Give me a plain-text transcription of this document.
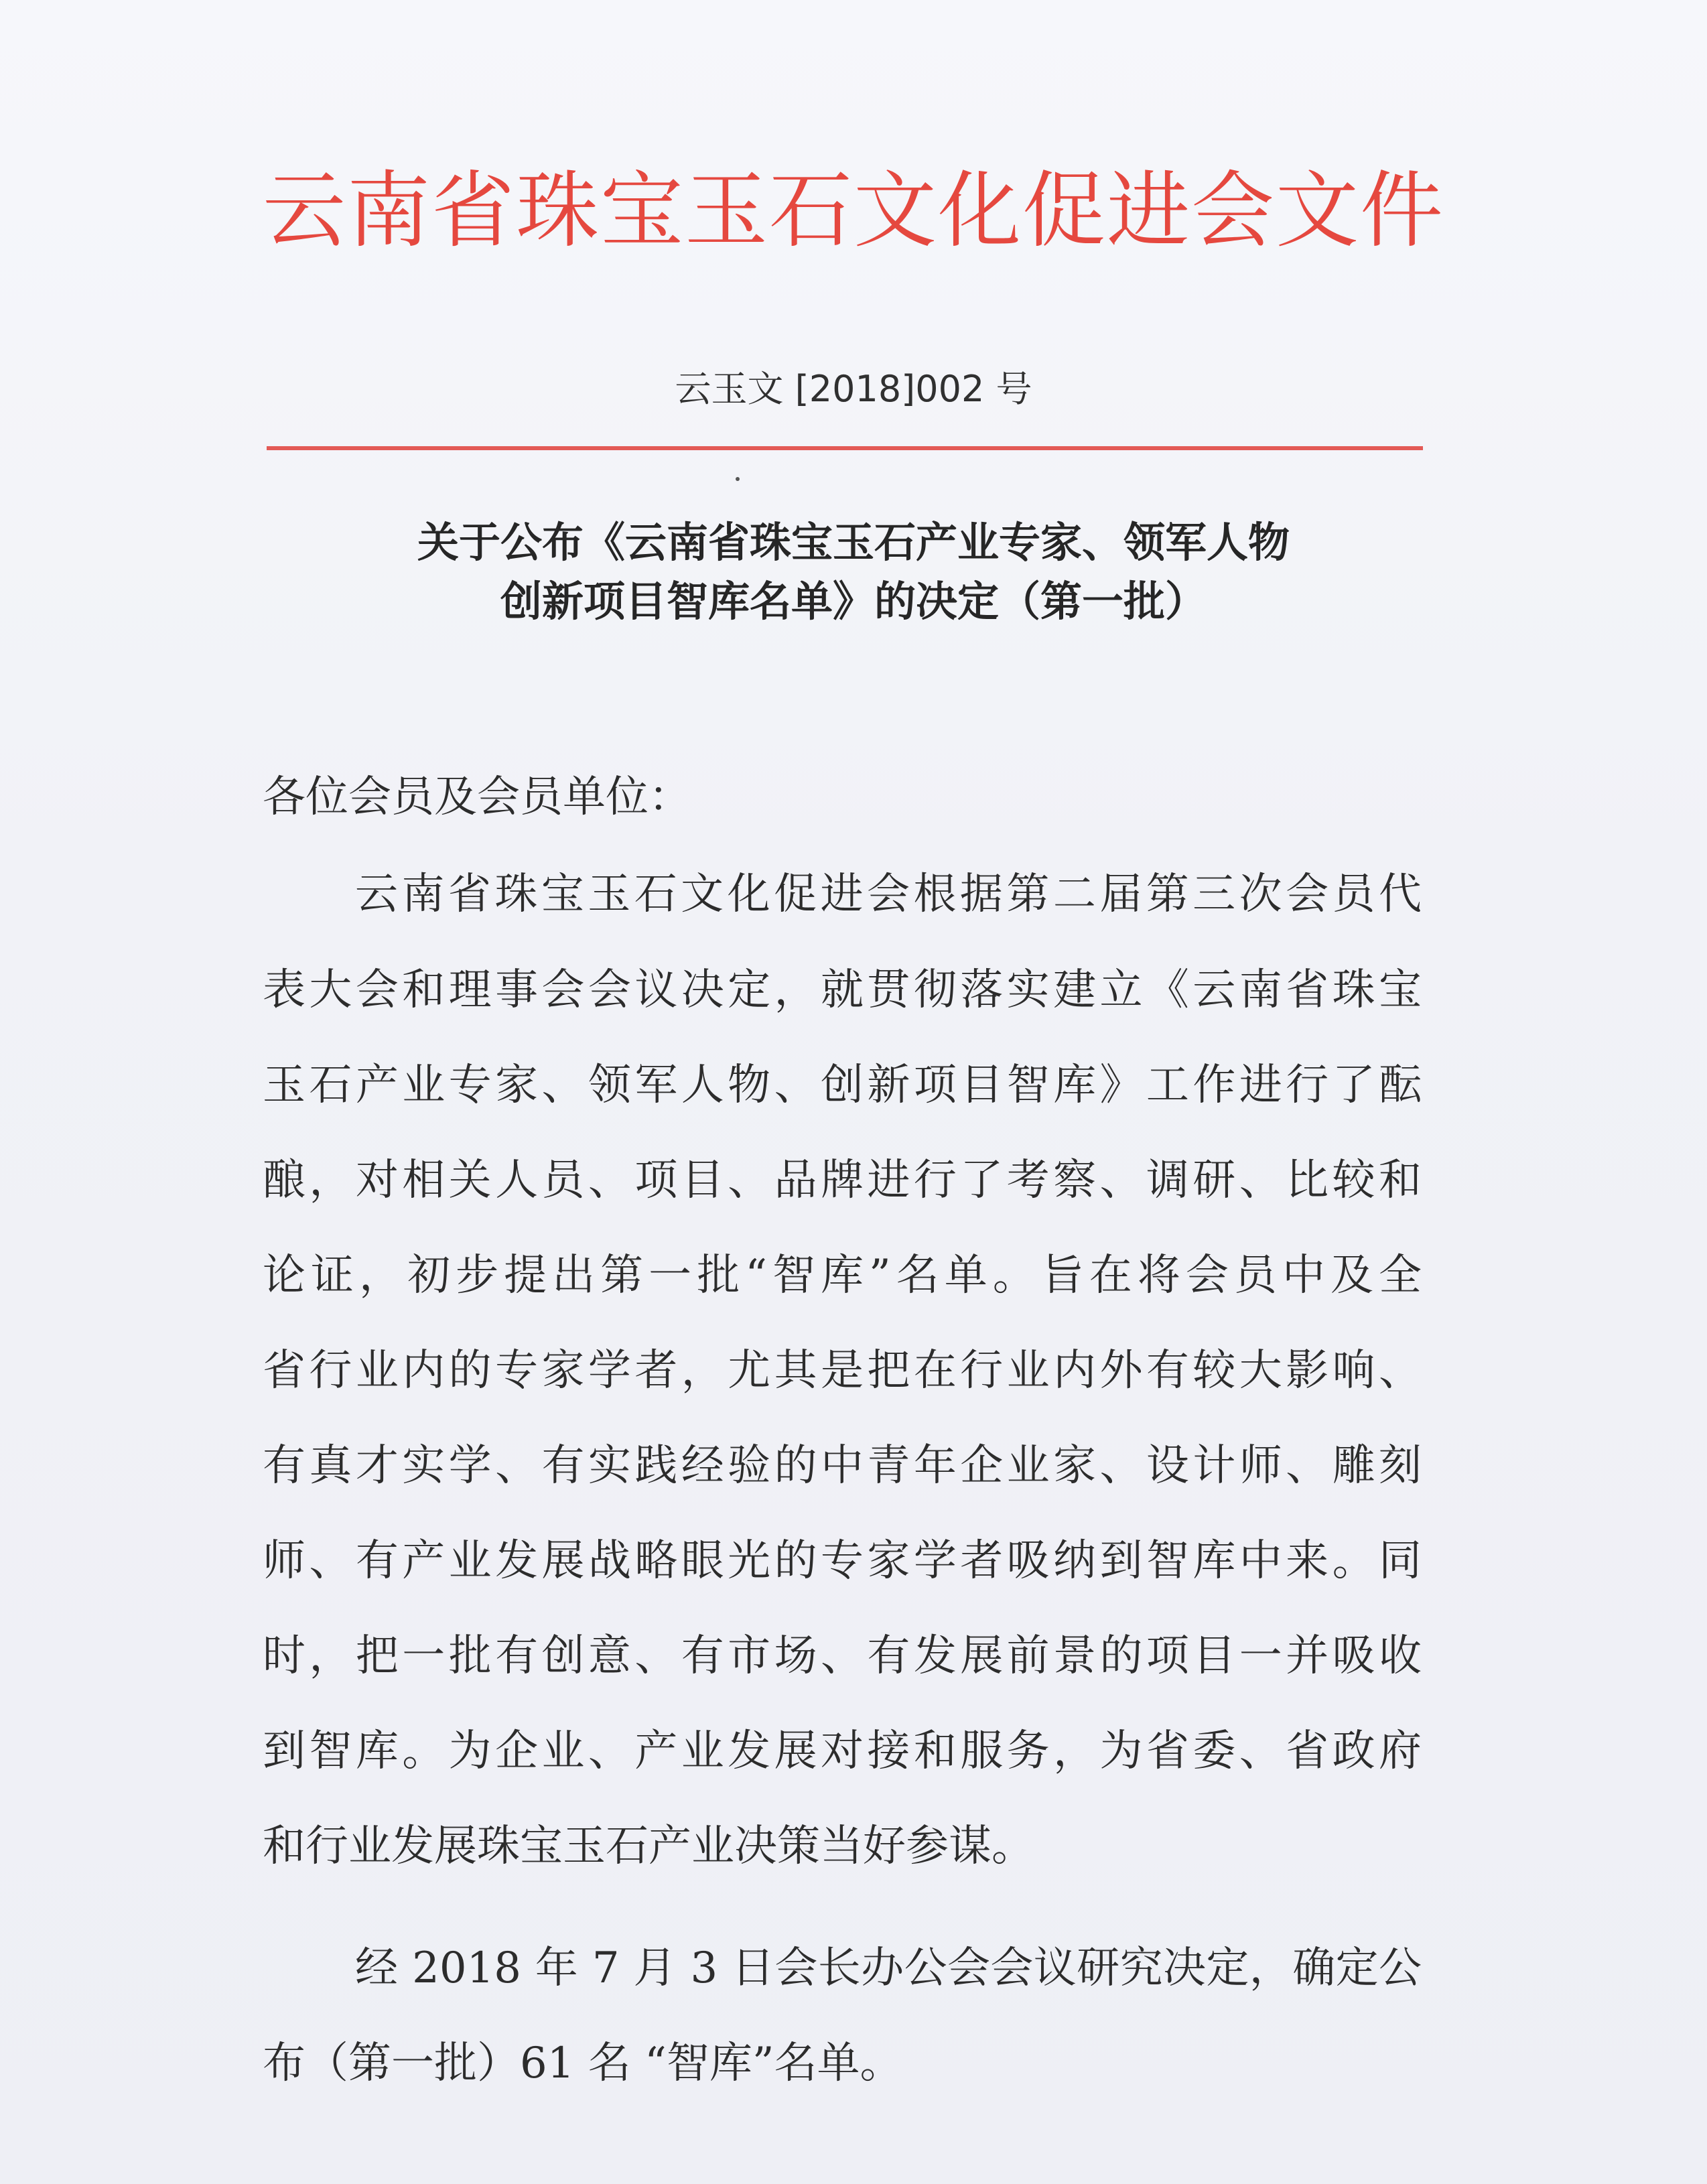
云南省珠宝玉石文化促进会文件
云玉文 [2018]002 号
关于公布《云南省珠宝玉石产业专家、领军人物
创新项目智库名单》的决定（第一批）
各位会员及会员单位：
云南省珠宝玉石文化促进会根据第二届第三次会员代
表大会和理事会会议决定，就贯彻落实建立《云南省珠宝
玉石产业专家、领军人物、创新项目智库》工作进行了酝
酿，对相关人员、项目、品牌进行了考察、调研、比较和
论证，初步提出第一批“智库”名单。旨在将会员中及全
省行业内的专家学者，尤其是把在行业内外有较大影响、
有真才实学、有实践经验的中青年企业家、设计师、雕刻
师、有产业发展战略眼光的专家学者吸纳到智库中来。同
时，把一批有创意、有市场、有发展前景的项目一并吸收
到智库。为企业、产业发展对接和服务，为省委、省政府
和行业发展珠宝玉石产业决策当好参谋。
经 2018 年 7 月 3 日会长办公会会议研究决定，确定公
布（第一批）61 名 “智库”名单。
